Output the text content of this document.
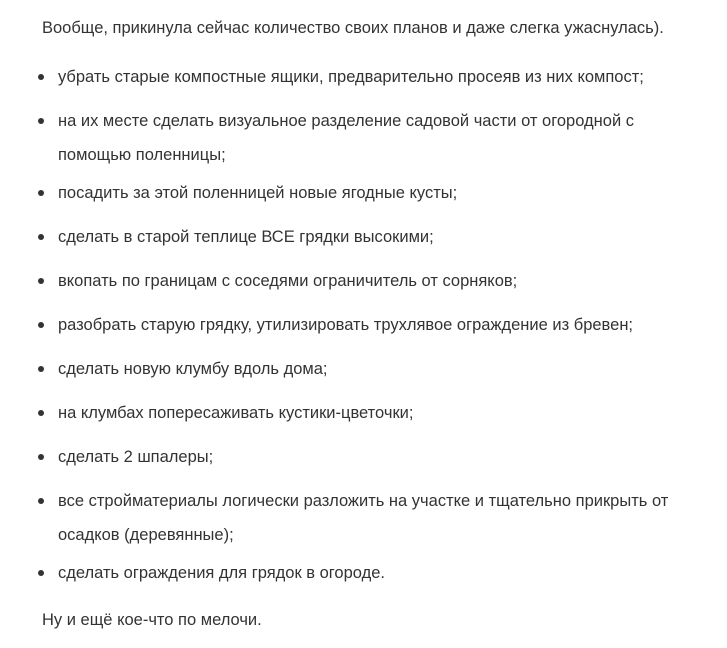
Вообще, прикинула сейчас количество своих планов и даже слегка ужаснулась).

убрать старые компостные ящики, предварительно просеяв из них компост;
на их месте сделать визуальное разделение садовой части от огородной с помощью поленницы;
посадить за этой поленницей новые ягодные кусты;
сделать в старой теплице ВСЕ грядки высокими;
вкопать по границам с соседями ограничитель от сорняков;
разобрать старую грядку, утилизировать трухлявое ограждение из бревен;
сделать новую клумбу вдоль дома;
на клумбах попересаживать кустики-цветочки;
сделать 2 шпалеры;
все стройматериалы логически разложить на участке и тщательно прикрыть от осадков (деревянные);
сделать ограждения для грядок в огороде.

Ну и ещё кое-что по мелочи.
